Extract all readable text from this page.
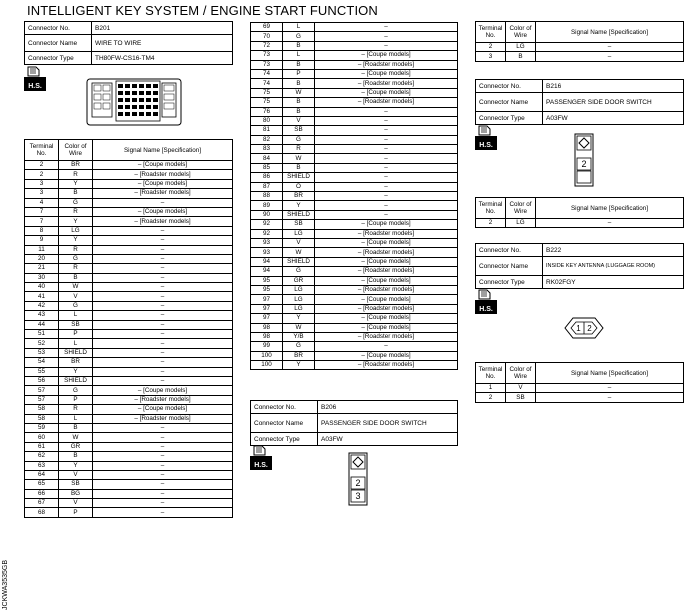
INTELLIGENT KEY SYSTEM / ENGINE START FUNCTION
Connector No.	B201
Connector Name	WIRE TO WIRE
Connector Type	TH80FW-CS16-TM4
H.S.
Terminal No.	Color of Wire	Signal Name [Specification]
2	BR	– [Coupe models]
2	R	– [Roadster models]
3	Y	– [Coupe models]
3	B	– [Roadster models]
4	G	–
7	R	– [Coupe models]
7	Y	– [Roadster models]
8	LG	–
9	Y	–
11	R	–
20	G	–
21	R	–
30	B	–
40	W	–
41	V	–
42	G	–
43	L	–
44	SB	–
51	P	–
52	L	–
53	SHIELD	–
54	BR	–
55	Y	–
56	SHIELD	–
57	G	– [Coupe models]
57	P	– [Roadster models]
58	R	– [Coupe models]
58	L	– [Roadster models]
59	B	–
60	W	–
61	GR	–
62	B	–
63	Y	–
64	V	–
65	SB	–
66	BG	–
67	V	–
68	P	–
69	L	–
70	G	–
72	B	–
73	L	– [Coupe models]
73	B	– [Roadster models]
74	P	– [Coupe models]
74	B	– [Roadster models]
75	W	– [Coupe models]
75	B	– [Roadster models]
76	B	–
80	V	–
81	SB	–
82	G	–
83	R	–
84	W	–
85	B	–
86	SHIELD	–
87	O	–
88	BR	–
89	Y	–
90	SHIELD	–
92	SB	– [Coupe models]
92	LG	– [Roadster models]
93	V	– [Coupe models]
93	W	– [Roadster models]
94	SHIELD	– [Coupe models]
94	G	– [Roadster models]
95	GR	– [Coupe models]
95	LG	– [Roadster models]
97	LG	– [Coupe models]
97	LG	– [Roadster models]
97	Y	– [Coupe models]
98	W	– [Coupe models]
98	Y/B	– [Roadster models]
99	G	–
100	BR	– [Coupe models]
100	Y	– [Roadster models]
Connector No.	B206
Connector Name	PASSENGER SIDE DOOR SWITCH
Connector Type	A03FW
H.S.
2
3
Terminal No.	Color of Wire	Signal Name [Specification]
2	LG	–
3	B	–
Connector No.	B216
Connector Name	PASSENGER SIDE DOOR SWITCH
Connector Type	A03FW
H.S.
2
Terminal No.	Color of Wire	Signal Name [Specification]
2	LG	–
Connector No.	B222
Connector Name	INSIDE KEY ANTENNA (LUGGAGE ROOM)
Connector Type	RK02FGY
H.S.
1 2
Terminal No.	Color of Wire	Signal Name [Specification]
1	V	–
2	SB	–
JCKWA3535GB
